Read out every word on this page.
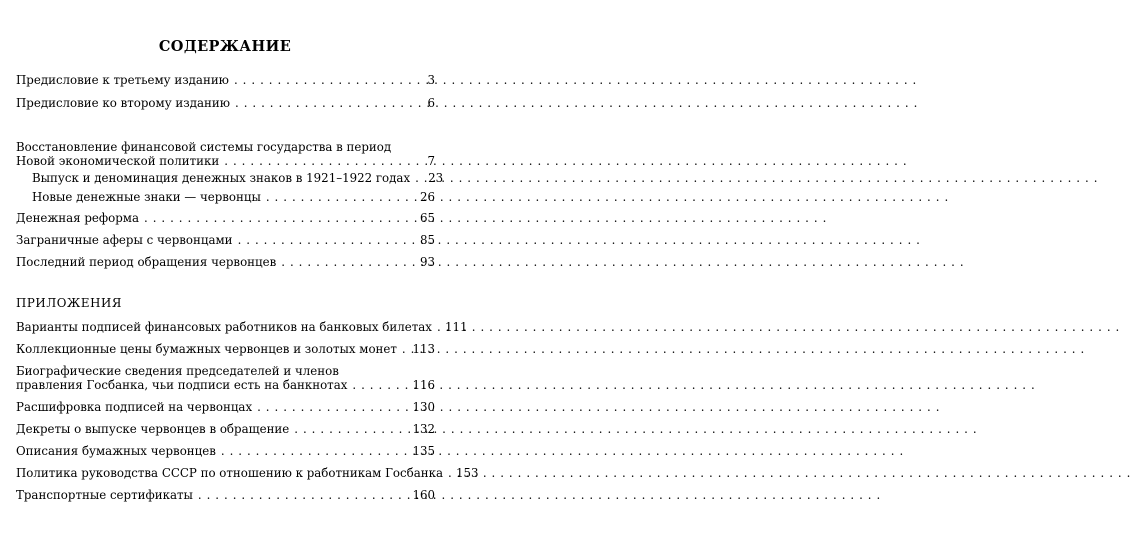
СОДЕРЖАНИЕ
Предисловие к третьему изданию . . .	3
Предисловие ко второму изданию . . .	6
Восстановление финансовой системы государства в период
Новой экономической политики . . .	7
Выпуск и деноминация денежных знаков в 1921–1922 годах . . .	23
Новые денежные знаки — червонцы . . .	26
Денежная реформа . . .	65
Заграничные аферы с червонцами . . .	85
Последний период обращения червонцев . . .	93
ПРИЛОЖЕНИЯ
Варианты подписей финансовых работников на банковых билетах . . . 111
Коллекционные цены бумажных червонцев и золотых монет . . . 113
Биографические сведения председателей и членов
правления Госбанка, чьи подписи есть на банкнотах . . .	116
Расшифровка подписей на червонцах . . .	130
Декреты о выпуске червонцев в обращение . . .	132
Описания бумажных червонцев . . .	135
Политика руководства СССР по отношению к работникам Госбанка . . . 153
Транспортные сертификаты . . .	160
